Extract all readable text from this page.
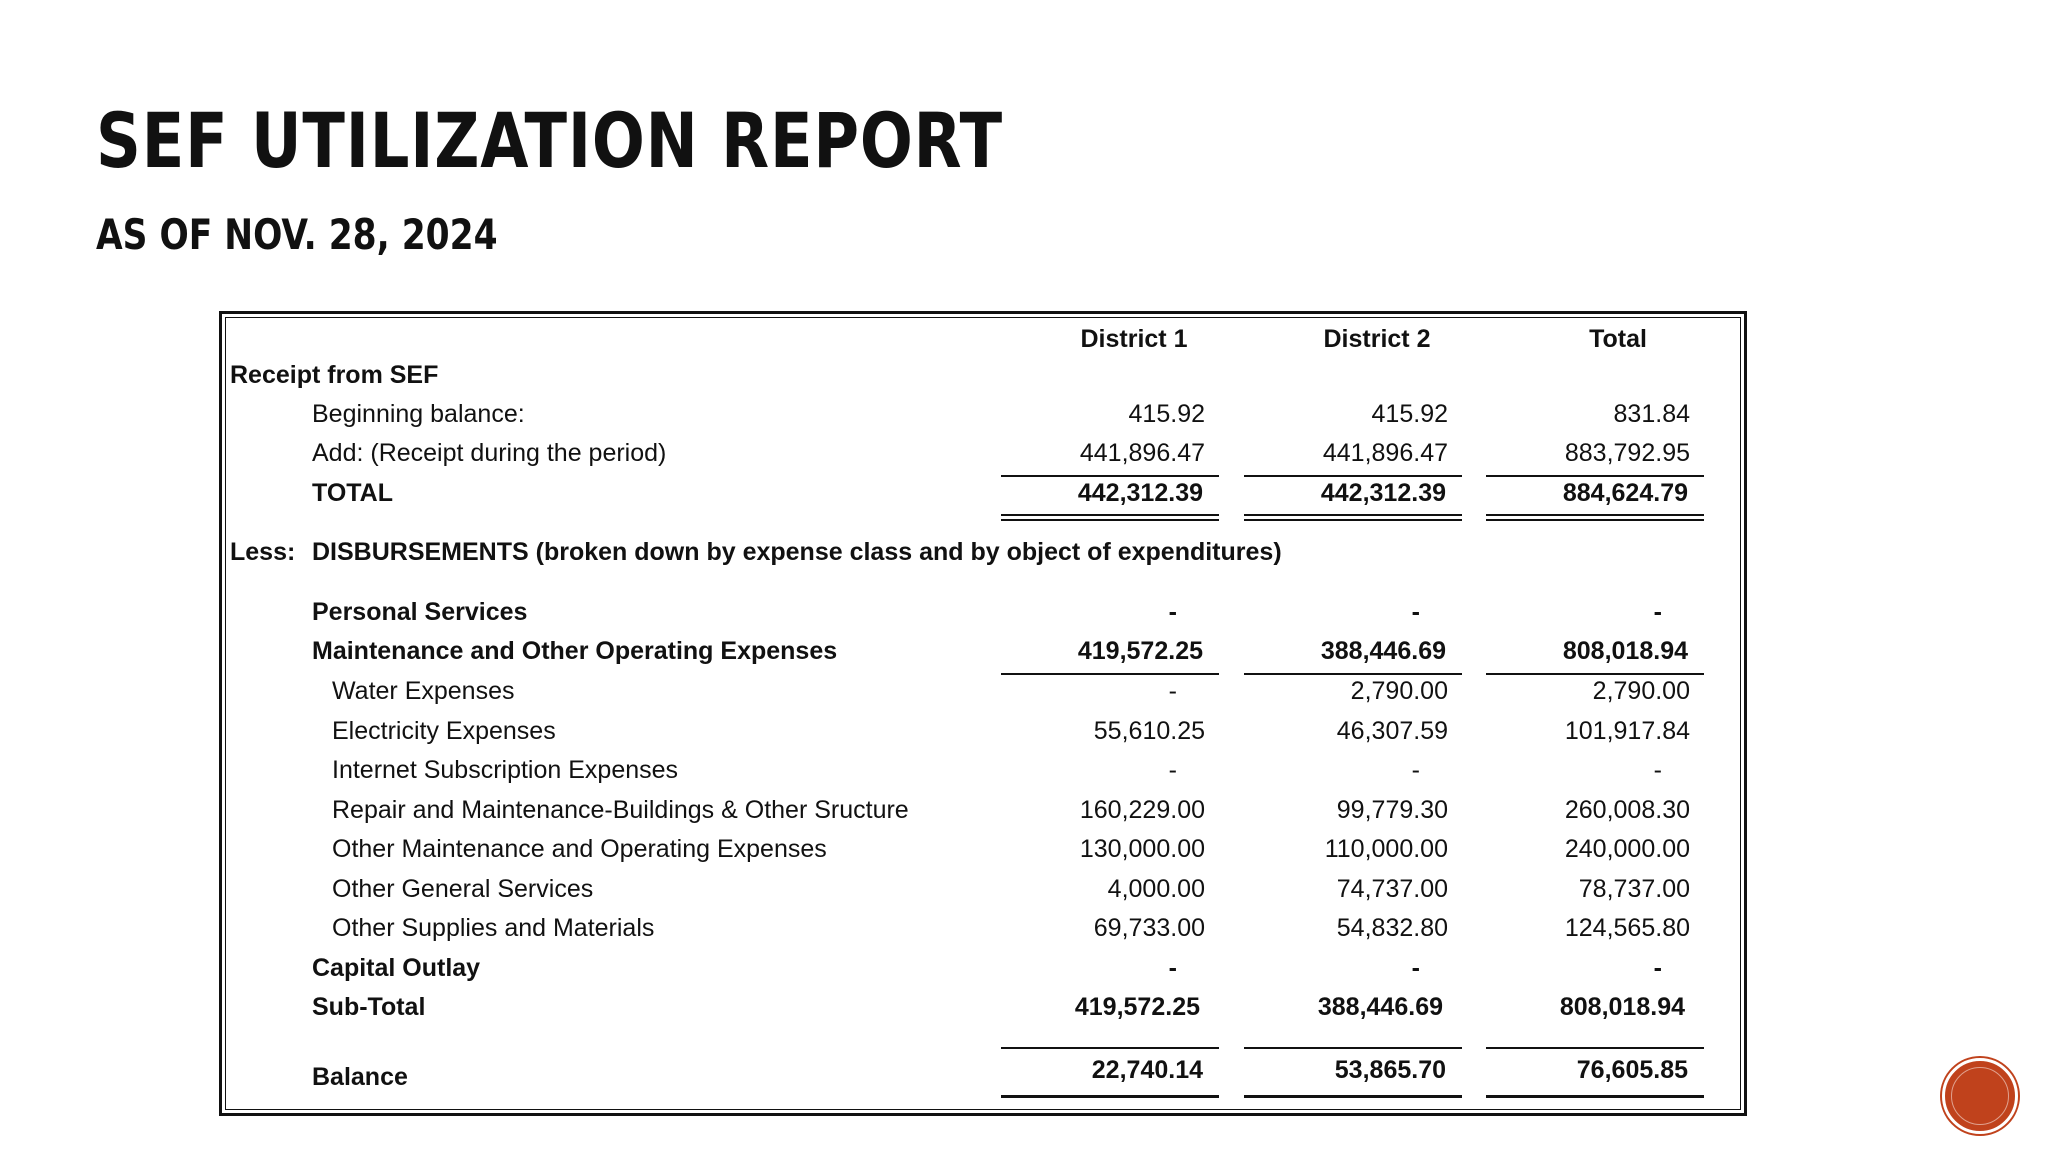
SEF UTILIZATION REPORT
AS OF NOV. 28, 2024
District 1	District 2	Total
Receipt from SEF
Beginning balance:	415.92	415.92	831.84
Add: (Receipt during the period)	441,896.47	441,896.47	883,792.95
TOTAL	442,312.39	442,312.39	884,624.79
Less: DISBURSEMENTS (broken down by expense class and by object of expenditures)
Personal Services	-	-	-
Maintenance and Other Operating Expenses	419,572.25	388,446.69	808,018.94
Water Expenses	-	2,790.00	2,790.00
Electricity Expenses	55,610.25	46,307.59	101,917.84
Internet Subscription Expenses	-	-	-
Repair and Maintenance-Buildings & Other Sructure	160,229.00	99,779.30	260,008.30
Other Maintenance and Operating Expenses	130,000.00	110,000.00	240,000.00
Other General Services	4,000.00	74,737.00	78,737.00
Other Supplies and Materials	69,733.00	54,832.80	124,565.80
Capital Outlay	-	-	-
Sub-Total	419,572.25	388,446.69	808,018.94
Balance	22,740.14	53,865.70	76,605.85
